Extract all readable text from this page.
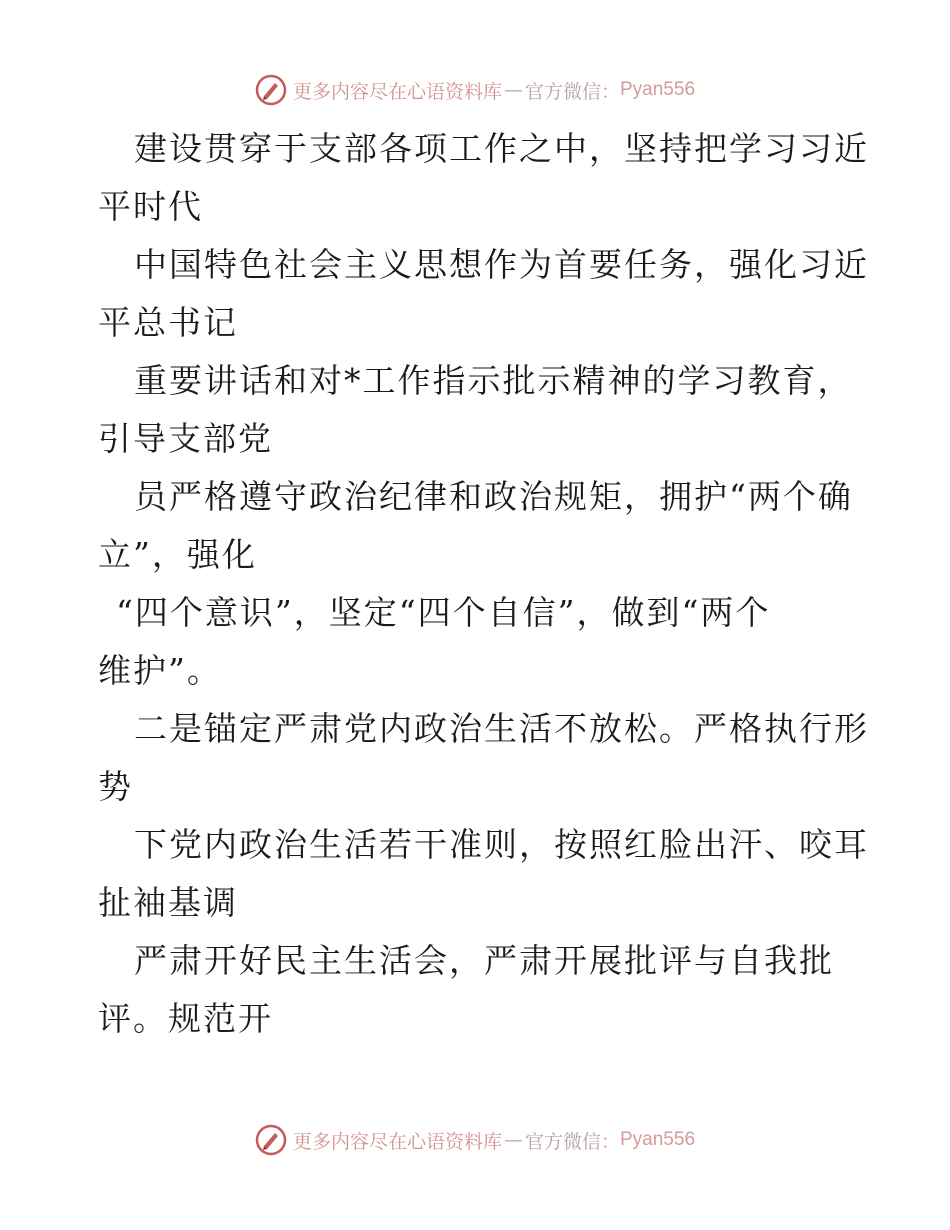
更多内容尽在心语资料库 — 官方微信： Pyan556
建设贯穿于支部各项工作之中，坚持把学习习近
平时代
中国特色社会主义思想作为首要任务，强化习近
平总书记
重要讲话和对*工作指示批示精神的学习教育，
引导支部党
员严格遵守政治纪律和政治规矩，拥护“两个确
立”，强化
“四个意识”，坚定“四个自信”，做到“两个
维护”。
二是锚定严肃党内政治生活不放松。严格执行形
势
下党内政治生活若干准则，按照红脸出汗、咬耳
扯袖基调
严肃开好民主生活会，严肃开展批评与自我批
评。规范开
更多内容尽在心语资料库 — 官方微信： Pyan556
